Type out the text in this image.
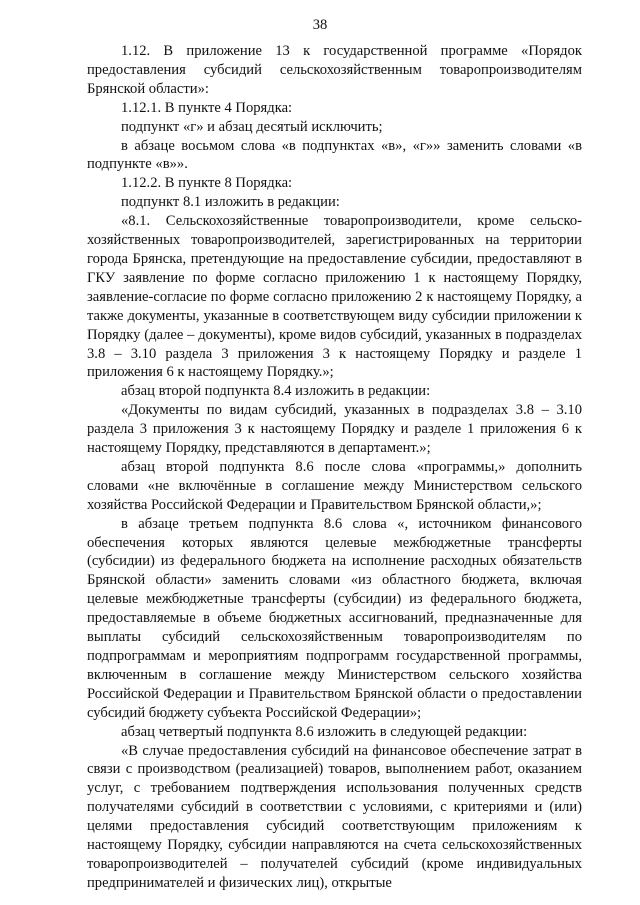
38

1.12. В приложение 13 к государственной программе «Порядок предоставления субсидий сельскохозяйственным товаропроизводителям Брянской области»:

1.12.1. В пункте 4 Порядка:

подпункт «г» и абзац десятый исключить;

в абзаце восьмом слова «в подпунктах «в», «г»» заменить словами «в подпункте «в»».

1.12.2. В пункте 8 Порядка:

подпункт 8.1 изложить в редакции:

«8.1. Сельскохозяйственные товаропроизводители, кроме сельско-хозяйственных товаропроизводителей, зарегистрированных на территории города Брянска, претендующие на предоставление субсидии, предоставляют в ГКУ заявление по форме согласно приложению 1 к настоящему Порядку, заявление-согласие по форме согласно приложению 2 к настоящему Порядку, а также документы, указанные в соответствующем виду субсидии приложении к Порядку (далее – документы), кроме видов субсидий, указанных в подразделах 3.8 – 3.10 раздела 3 приложения 3 к настоящему Порядку и разделе 1 приложения 6 к настоящему Порядку.»;

абзац второй подпункта 8.4 изложить в редакции:

«Документы по видам субсидий, указанных в подразделах 3.8 – 3.10 раздела 3 приложения 3 к настоящему Порядку и разделе 1 приложения 6 к настоящему Порядку, представляются в департамент.»;

абзац второй подпункта 8.6 после слова «программы,» дополнить словами «не включённые в соглашение между Министерством сельского хозяйства Российской Федерации и Правительством Брянской области,»;

в абзаце третьем подпункта 8.6 слова «, источником финансового обеспечения которых являются целевые межбюджетные трансферты (субсидии) из федерального бюджета на исполнение расходных обязательств Брянской области» заменить словами «из областного бюджета, включая целевые межбюджетные трансферты (субсидии) из федерального бюджета, предоставляемые в объеме бюджетных ассигнований, предназначенные для выплаты субсидий сельскохозяйственным товаропроизводителям по подпрограммам и мероприятиям подпрограмм государственной программы, включенным в соглашение между Министерством сельского хозяйства Российской Федерации и Правительством Брянской области о предоставлении субсидий бюджету субъекта Российской Федерации»;

абзац четвертый подпункта 8.6 изложить в следующей редакции:

«В случае предоставления субсидий на финансовое обеспечение затрат в связи с производством (реализацией) товаров, выполнением работ, оказанием услуг, с требованием подтверждения использования полученных средств получателями субсидий в соответствии с условиями, с критериями и (или) целями предоставления субсидий соответствующим приложениям к настоящему Порядку, субсидии направляются на счета сельскохозяйственных товаропроизводителей – получателей субсидий (кроме индивидуальных предпринимателей и физических лиц), открытые
